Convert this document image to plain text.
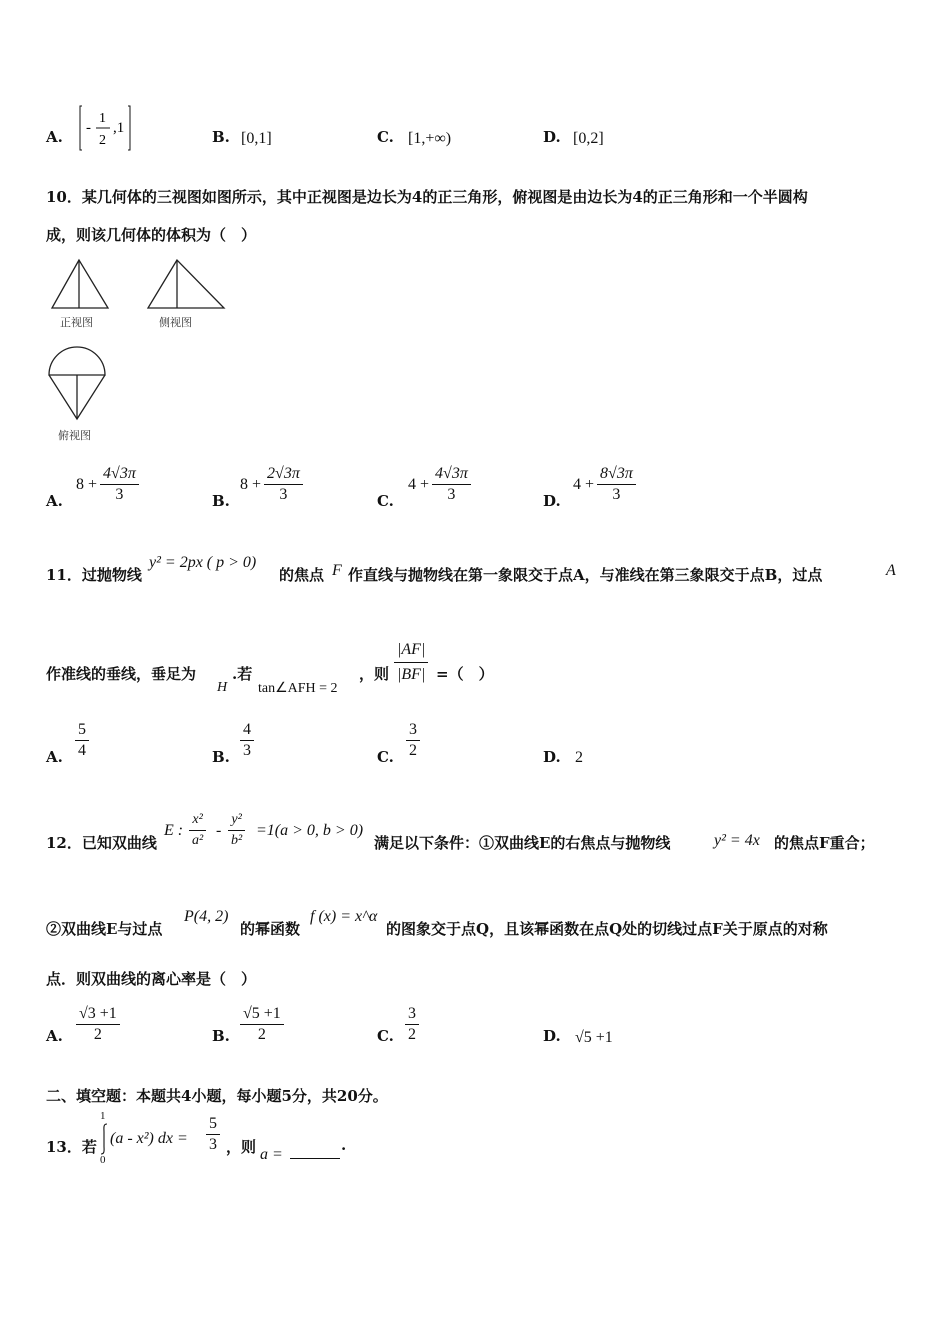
A. -
1
2
,1	B. [0,1]	C. [1,+∞)	D. [0,2]
10．某几何体的三视图如图所示，其中正视图是边长为4的正三角形，俯视图是由边长为4的正三角形和一个半圆构
成，则该几何体的体积为（　）
正视图	侧视图
俯视图
A.
$8 + \frac{4√3\pi}{3}$	B.
$8 + \frac{2√3\pi}{3}$	C.
$4 + \frac{4√3\pi}{3}$	D.
$4 + \frac{8√3\pi}{3}$
11．过抛物线
y² = 2px ( p > 0)
的焦点 F 作直线与抛物线在第一象限交于点A，与准线在第三象限交于点B，过点	A
作准线的垂线，垂足为
H
.若
tan∠AFH = 2
，则 $\frac{|AF|}{|BF|}$ =（　）
A. $\frac{5}{4}$	B. $\frac{4}{3}$	C. $\frac{3}{2}$	D. 2
12．已知双曲线
E : $\frac{\text{x²}}{\text{a²}} - \frac{\text{y²}}{\text{b²}} =1(a > 0$, b > 0)
满足以下条件：①双曲线E的右焦点与抛物线	y² = 4x 的焦点F重合；
②双曲线E与过点
P(4, 2)
的幂函数
f (x) = x^α
的图象交于点Q，且该幂函数在点Q处的切线过点F关于原点的对称
点．则双曲线的离心率是（　）
A. $\frac{√3 +1}{2}$	B. $\frac{√5 +1}{2}$	C. $\frac{3}{2}$	D. √5 +1
二、填空题：本题共4小题，每小题5分，共20分。
13．若
1
0
(a - x²) dx = $\frac{5}{3}$ ，则 a =
.
